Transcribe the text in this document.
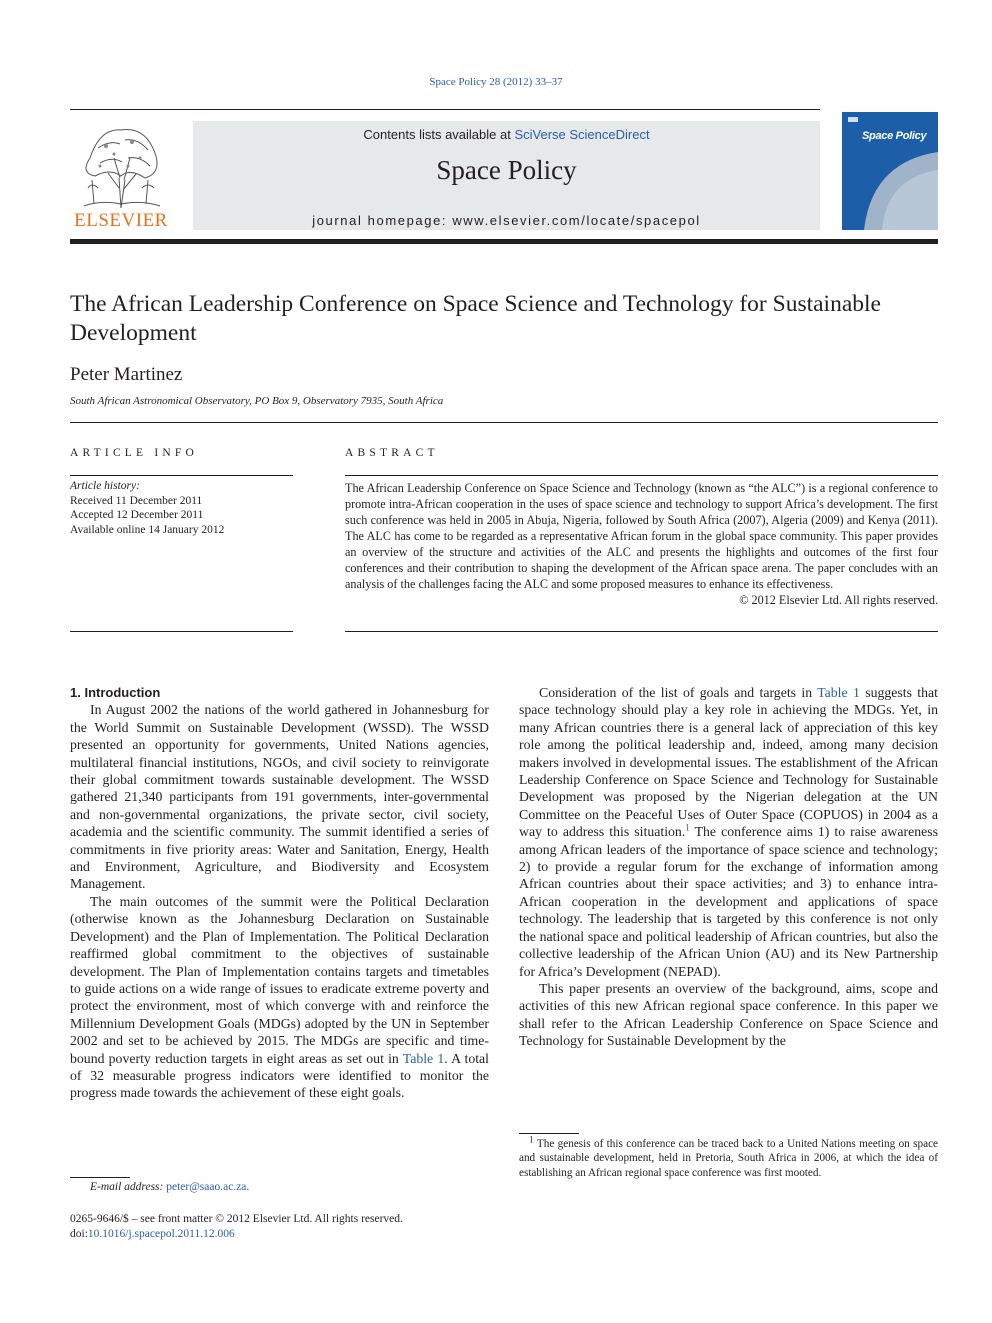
Space Policy 28 (2012) 33–37
ELSEVIER
Contents lists available at SciVerse ScienceDirect
Space Policy
journal homepage: www.elsevier.com/locate/spacepol
Space Policy
The African Leadership Conference on Space Science and Technology for Sustainable Development
Peter Martinez
South African Astronomical Observatory, PO Box 9, Observatory 7935, South Africa
ARTICLE INFO
Article history:
Received 11 December 2011
Accepted 12 December 2011
Available online 14 January 2012
ABSTRACT
The African Leadership Conference on Space Science and Technology (known as “the ALC”) is a regional conference to promote intra-African cooperation in the uses of space science and technology to support Africa’s development. The first such conference was held in 2005 in Abuja, Nigeria, followed by South Africa (2007), Algeria (2009) and Kenya (2011). The ALC has come to be regarded as a representative African forum in the global space community. This paper provides an overview of the structure and activities of the ALC and presents the highlights and outcomes of the first four conferences and their contribution to shaping the development of the African space arena. The paper concludes with an analysis of the challenges facing the ALC and some proposed measures to enhance its effectiveness.
© 2012 Elsevier Ltd. All rights reserved.

1. Introduction

In August 2002 the nations of the world gathered in Johannesburg for the World Summit on Sustainable Development (WSSD). The WSSD presented an opportunity for governments, United Nations agencies, multilateral financial institutions, NGOs, and civil society to reinvigorate their global commitment towards sustainable development. The WSSD gathered 21,340 participants from 191 governments, inter-governmental and non-governmental organizations, the private sector, civil society, academia and the scientific community. The summit identified a series of commitments in five priority areas: Water and Sanitation, Energy, Health and Environment, Agriculture, and Biodiversity and Ecosystem Management.

The main outcomes of the summit were the Political Declaration (otherwise known as the Johannesburg Declaration on Sustainable Development) and the Plan of Implementation. The Political Declaration reaffirmed global commitment to the objectives of sustainable development. The Plan of Implementation contains targets and timetables to guide actions on a wide range of issues to eradicate extreme poverty and protect the environment, most of which converge with and reinforce the Millennium Development Goals (MDGs) adopted by the UN in September 2002 and set to be achieved by 2015. The MDGs are specific and time-bound poverty reduction targets in eight areas as set out in Table 1. A total of 32 measurable progress indicators were identified to monitor the progress made towards the achievement of these eight goals.

Consideration of the list of goals and targets in Table 1 suggests that space technology should play a key role in achieving the MDGs. Yet, in many African countries there is a general lack of appreciation of this key role among the political leadership and, indeed, among many decision makers involved in developmental issues. The establishment of the African Leadership Conference on Space Science and Technology for Sustainable Development was proposed by the Nigerian delegation at the UN Committee on the Peaceful Uses of Outer Space (COPUOS) in 2004 as a way to address this situation.$^1$ The conference aims 1) to raise awareness among African leaders of the importance of space science and technology; 2) to provide a regular forum for the exchange of information among African countries about their space activities; and 3) to enhance intra-African cooperation in the development and applications of space technology. The leadership that is targeted by this conference is not only the national space and political leadership of African countries, but also the collective leadership of the African Union (AU) and its New Partnership for Africa’s Development (NEPAD).

This paper presents an overview of the background, aims, scope and activities of this new African regional space conference. In this paper we shall refer to the African Leadership Conference on Space Science and Technology for Sustainable Development by the

$^1$ The genesis of this conference can be traced back to a United Nations meeting on space and sustainable development, held in Pretoria, South Africa in 2006, at which the idea of establishing an African regional space conference was first mooted.
E-mail address: peter@saao.ac.za.
0265-9646/$ – see front matter © 2012 Elsevier Ltd. All rights reserved.
doi:10.1016/j.spacepol.2011.12.006
